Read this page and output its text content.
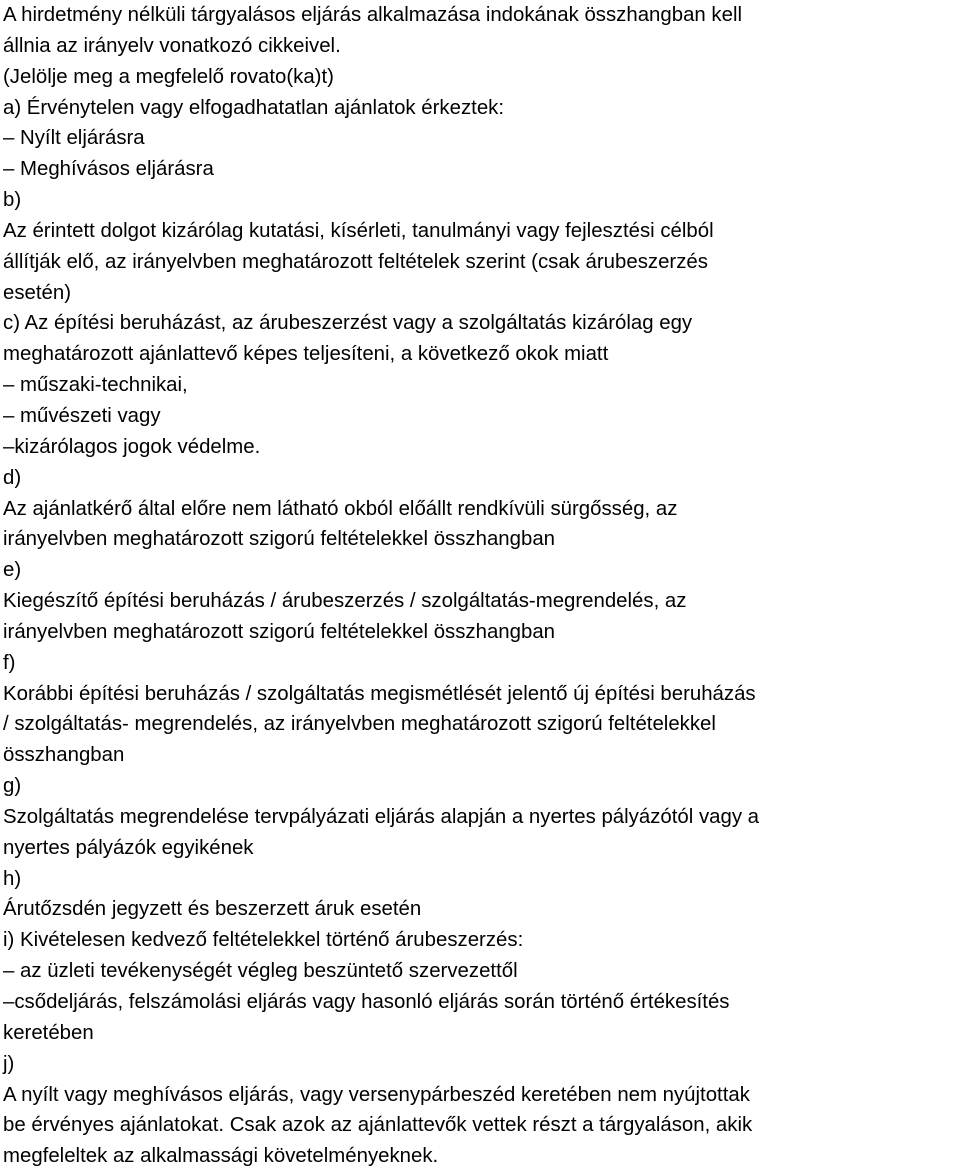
A hirdetmény nélküli tárgyalásos eljárás alkalmazása indokának összhangban kell
állnia az irányelv vonatkozó cikkeivel.
(Jelölje meg a megfelelő rovato(ka)t)
a) Érvénytelen vagy elfogadhatatlan ajánlatok érkeztek:
– Nyílt eljárásra
– Meghívásos eljárásra
b)
Az érintett dolgot kizárólag kutatási, kísérleti, tanulmányi vagy fejlesztési célból
állítják elő, az irányelvben meghatározott feltételek szerint (csak árubeszerzés
esetén)
c) Az építési beruházást, az árubeszerzést vagy a szolgáltatás kizárólag egy
meghatározott ajánlattevő képes teljesíteni, a következő okok miatt
– műszaki-technikai,
– művészeti vagy
–kizárólagos jogok védelme.
d)
Az ajánlatkérő által előre nem látható okból előállt rendkívüli sürgősség, az
irányelvben meghatározott szigorú feltételekkel összhangban
e)
Kiegészítő építési beruházás / árubeszerzés / szolgáltatás-megrendelés, az
irányelvben meghatározott szigorú feltételekkel összhangban
f)
Korábbi építési beruházás / szolgáltatás megismétlését jelentő új építési beruházás
/ szolgáltatás- megrendelés, az irányelvben meghatározott szigorú feltételekkel
összhangban
g)
Szolgáltatás megrendelése tervpályázati eljárás alapján a nyertes pályázótól vagy a
nyertes pályázók egyikének
h)
Árutőzsdén jegyzett és beszerzett áruk esetén
i) Kivételesen kedvező feltételekkel történő árubeszerzés:
– az üzleti tevékenységét végleg beszüntető szervezettől
–csődeljárás, felszámolási eljárás vagy hasonló eljárás során történő értékesítés
keretében
j)
A nyílt vagy meghívásos eljárás, vagy versenypárbeszéd keretében nem nyújtottak
be érvényes ajánlatokat. Csak azok az ajánlattevők vettek részt a tárgyaláson, akik
megfeleltek az alkalmassági követelményeknek.
